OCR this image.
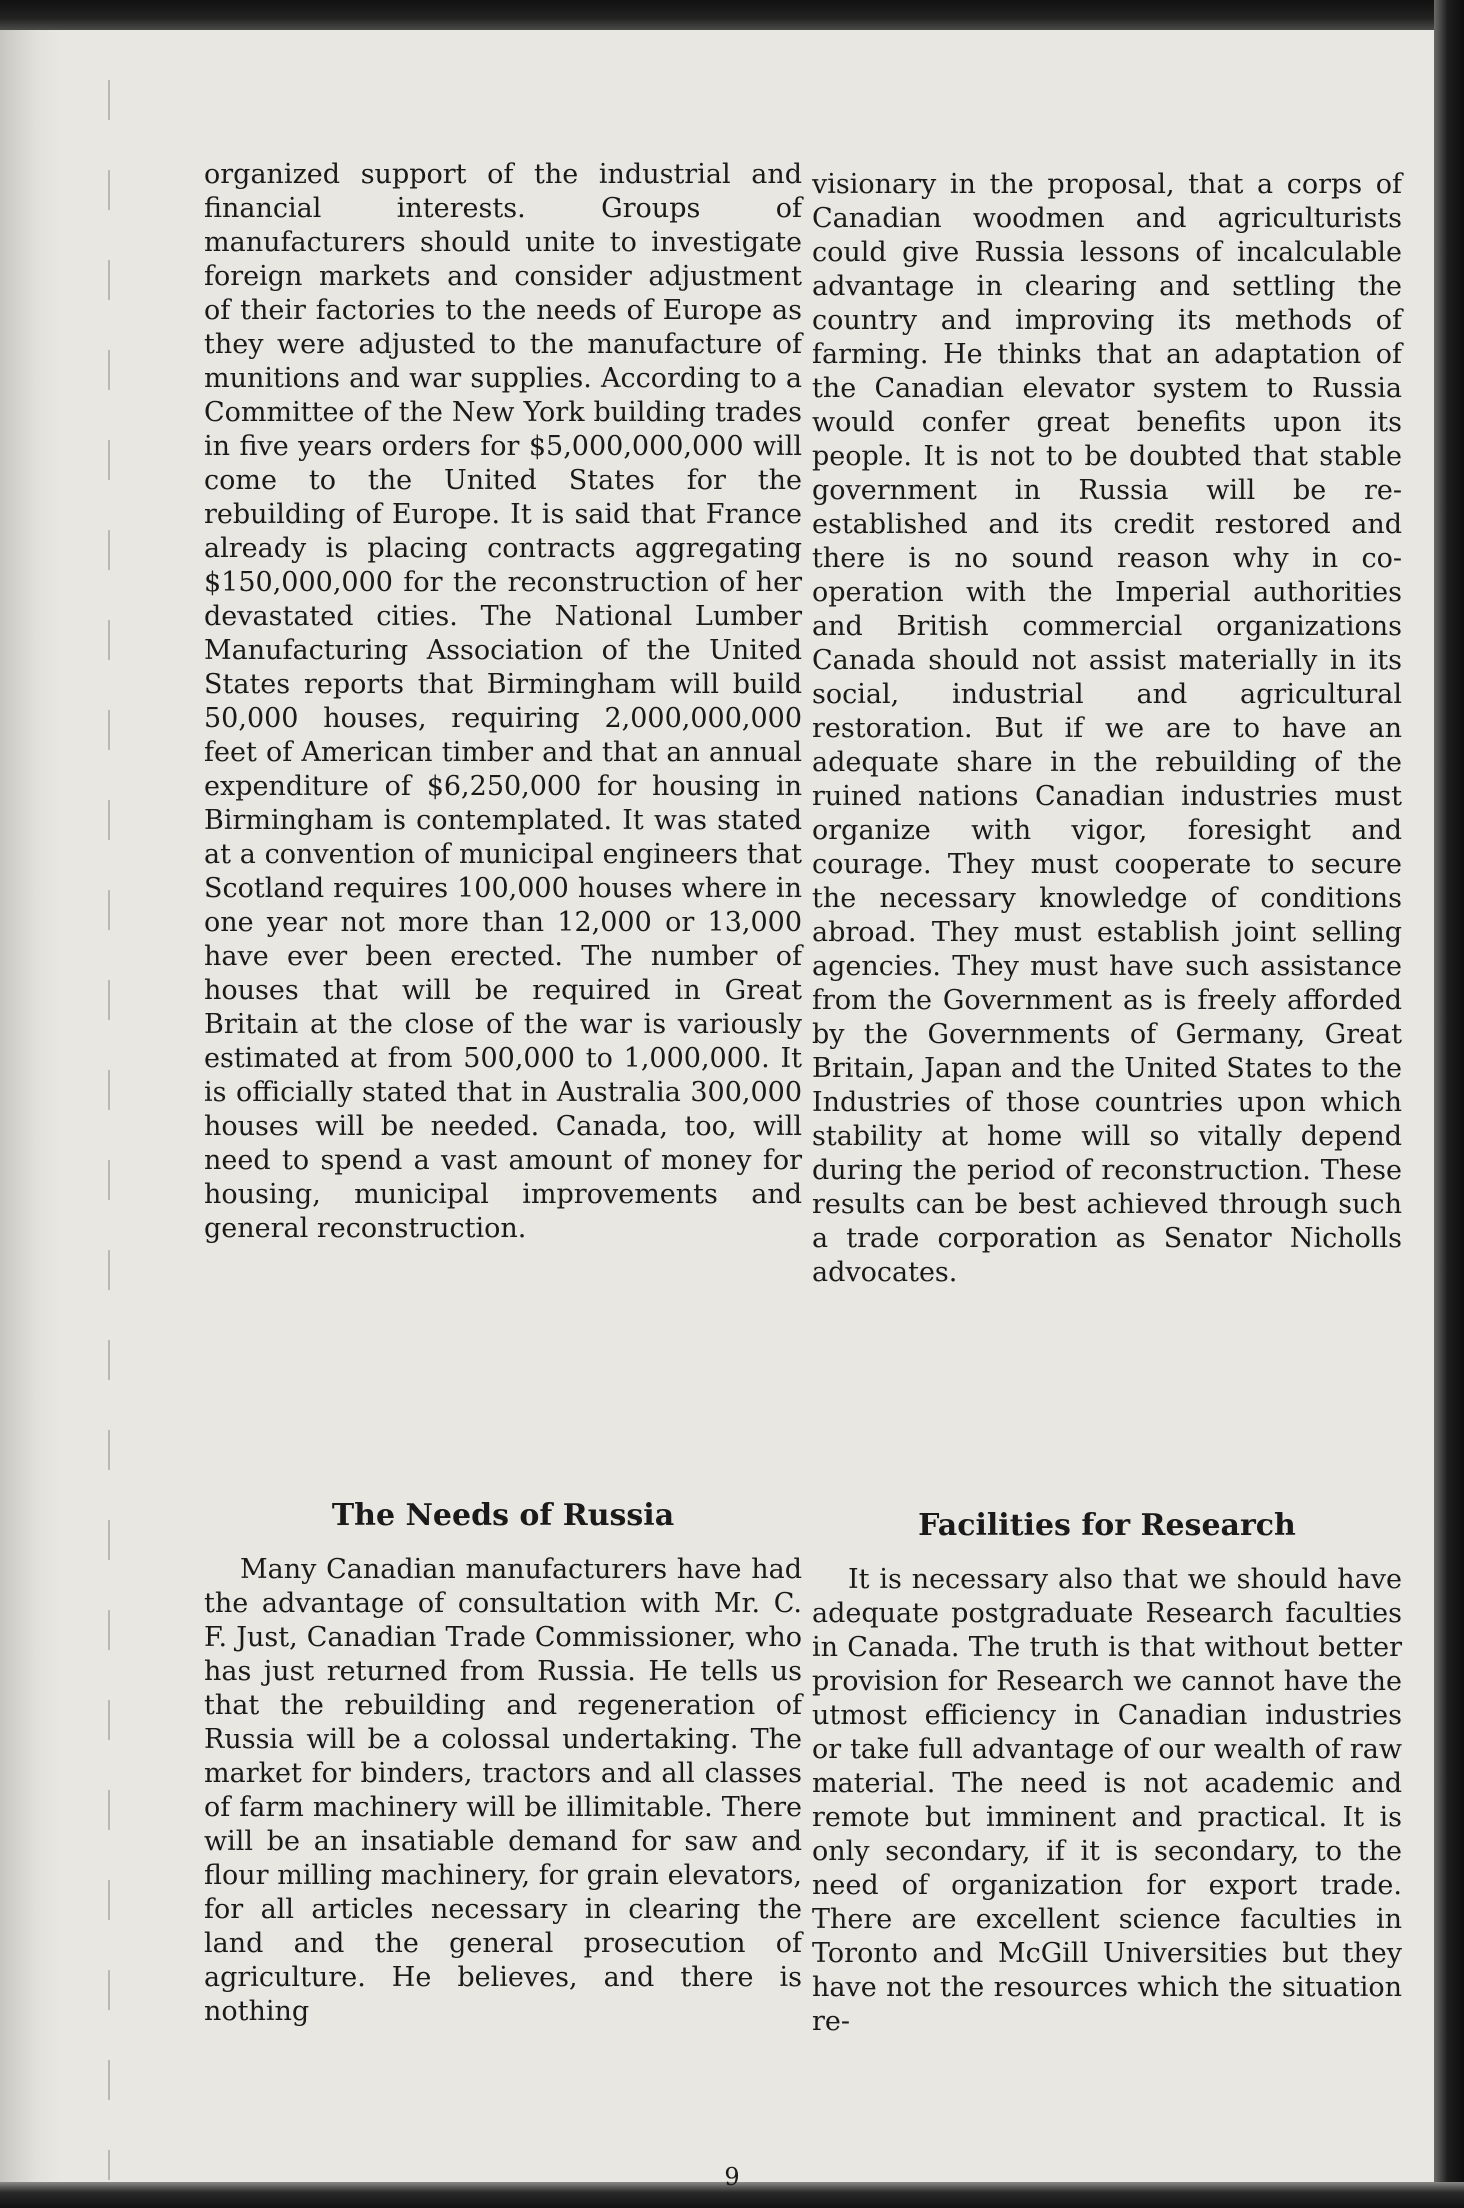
organized support of the industrial and financial interests. Groups of manufacturers should unite to investigate foreign markets and consider adjustment of their factories to the needs of Europe as they were adjusted to the manufacture of munitions and war supplies. According to a Committee of the New York building trades in five years orders for $5,000,000,000 will come to the United States for the rebuilding of Europe. It is said that France already is placing contracts aggregating $150,000,000 for the reconstruction of her devastated cities. The National Lumber Manufacturing Association of the United States reports that Birmingham will build 50,000 houses, requiring 2,000,000,000 feet of American timber and that an annual expenditure of $6,250,000 for housing in Birmingham is contemplated. It was stated at a convention of municipal engineers that Scotland requires 100,000 houses where in one year not more than 12,000 or 13,000 have ever been erected. The number of houses that will be required in Great Britain at the close of the war is variously estimated at from 500,000 to 1,000,000. It is officially stated that in Australia 300,000 houses will be needed. Canada, too, will need to spend a vast amount of money for housing, municipal improvements and general reconstruction.

The Needs of Russia

Many Canadian manufacturers have had the advantage of consultation with Mr. C. F. Just, Canadian Trade Commissioner, who has just returned from Russia. He tells us that the rebuilding and regeneration of Russia will be a colossal undertaking. The market for binders, tractors and all classes of farm machinery will be illimitable. There will be an insatiable demand for saw and flour milling machinery, for grain elevators, for all articles necessary in clearing the land and the general prosecution of agriculture. He believes, and there is nothing

visionary in the proposal, that a corps of Canadian woodmen and agriculturists could give Russia lessons of incalculable advantage in clearing and settling the country and improving its methods of farming. He thinks that an adaptation of the Canadian elevator system to Russia would confer great benefits upon its people. It is not to be doubted that stable government in Russia will be re-established and its credit restored and there is no sound reason why in co-operation with the Imperial authorities and British commercial organizations Canada should not assist materially in its social, industrial and agricultural restoration. But if we are to have an adequate share in the rebuilding of the ruined nations Canadian industries must organize with vigor, foresight and courage. They must cooperate to secure the necessary knowledge of conditions abroad. They must establish joint selling agencies. They must have such assistance from the Government as is freely afforded by the Governments of Germany, Great Britain, Japan and the United States to the Industries of those countries upon which stability at home will so vitally depend during the period of reconstruction. These results can be best achieved through such a trade corporation as Senator Nicholls advocates.

Facilities for Research

It is necessary also that we should have adequate postgraduate Research faculties in Canada. The truth is that without better provision for Research we cannot have the utmost efficiency in Canadian industries or take full advantage of our wealth of raw material. The need is not academic and remote but imminent and practical. It is only secondary, if it is secondary, to the need of organization for export trade. There are excellent science faculties in Toronto and McGill Universities but they have not the resources which the situation re-

9
